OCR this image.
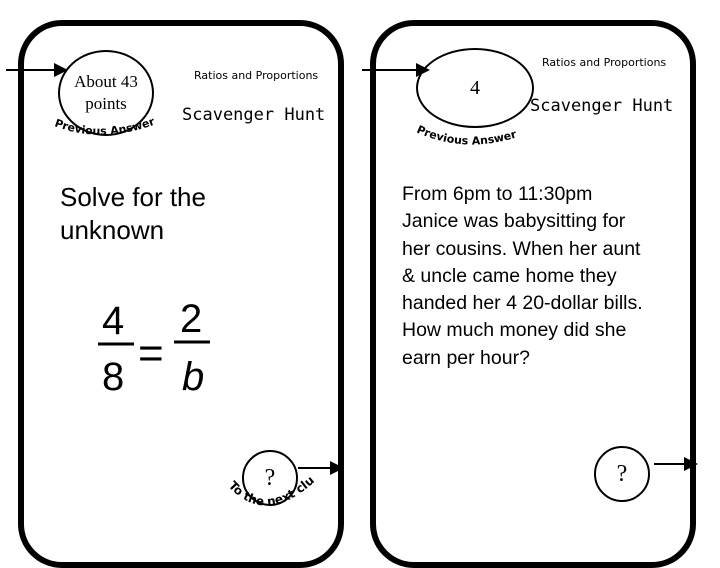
About 43 points
Ratios and Proportions
Scavenger Hunt
Previous Answer
Solve for the unknown
4
8 =
2
b
?
To the next clue
4
Ratios and Proportions
Scavenger Hunt
Previous Answer
From 6pm to 11:30pm Janice was babysitting for her cousins. When her aunt & uncle came home they handed her 4 20-dollar bills. How much money did she earn per hour?
?
